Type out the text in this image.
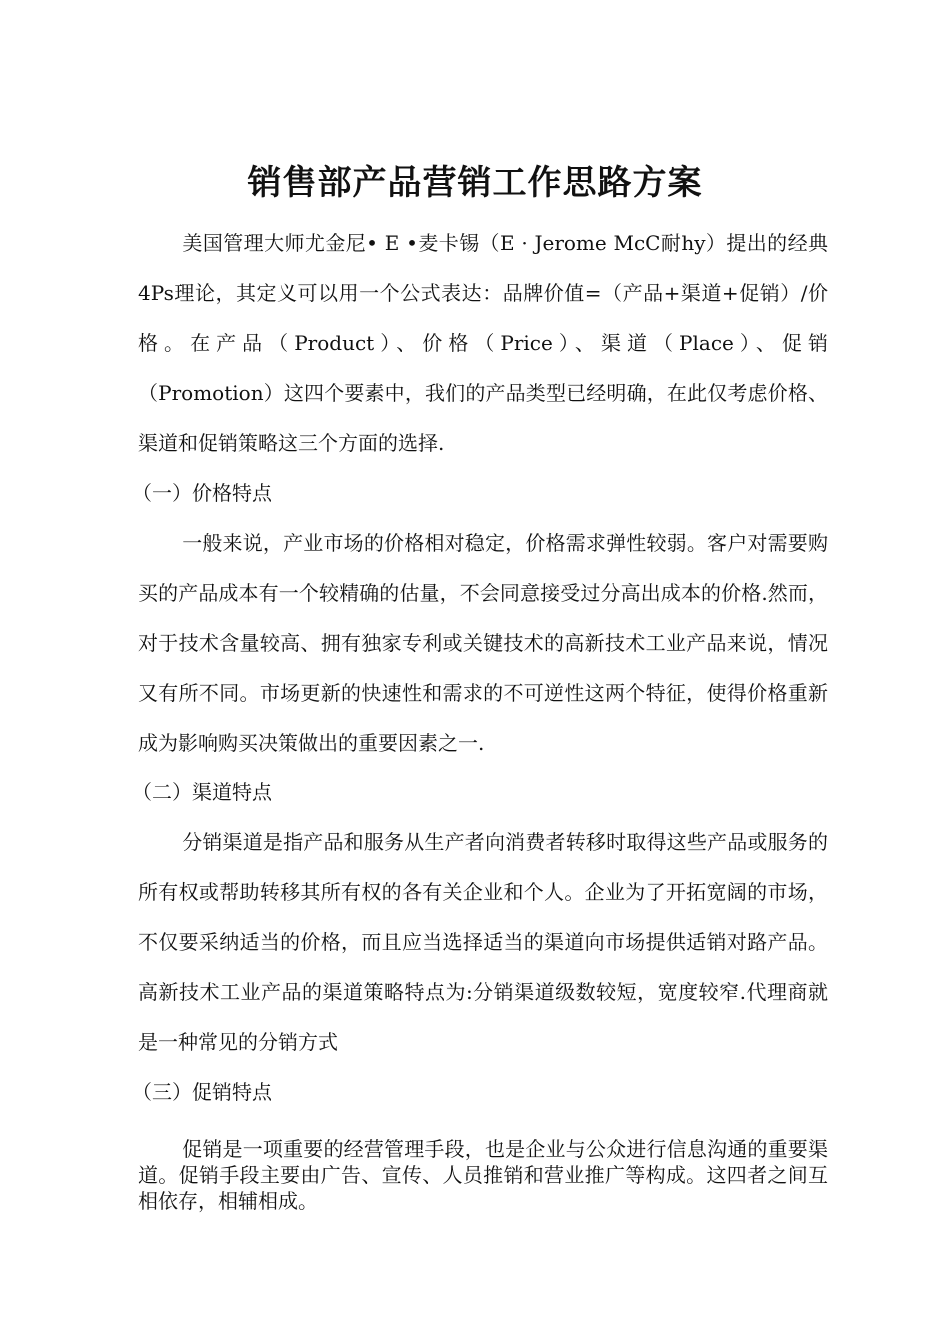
销售部产品营销工作思路方案

美国管理大师尤金尼• E •麦卡锡（E · Jerome McC耐hy）提出的经典4Ps理论，其定义可以用一个公式表达：品牌价值=（产品+渠道+促销）/价格。在产品（Product）、价格（Price）、渠道（Place）、促销（Promotion）这四个要素中，我们的产品类型已经明确，在此仅考虑价格、渠道和促销策略这三个方面的选择.

（一）价格特点

一般来说，产业市场的价格相对稳定，价格需求弹性较弱。客户对需要购买的产品成本有一个较精确的估量，不会同意接受过分高出成本的价格.然而，对于技术含量较高、拥有独家专利或关键技术的高新技术工业产品来说，情况又有所不同。市场更新的快速性和需求的不可逆性这两个特征，使得价格重新成为影响购买决策做出的重要因素之一.

（二）渠道特点

分销渠道是指产品和服务从生产者向消费者转移时取得这些产品或服务的所有权或帮助转移其所有权的各有关企业和个人。企业为了开拓宽阔的市场，不仅要采纳适当的价格，而且应当选择适当的渠道向市场提供适销对路产品。高新技术工业产品的渠道策略特点为:分销渠道级数较短，宽度较窄.代理商就是一种常见的分销方式

（三）促销特点

促销是一项重要的经营管理手段，也是企业与公众进行信息沟通的重要渠道。促销手段主要由广告、宣传、人员推销和营业推广等构成。这四者之间互相依存，相辅相成。
